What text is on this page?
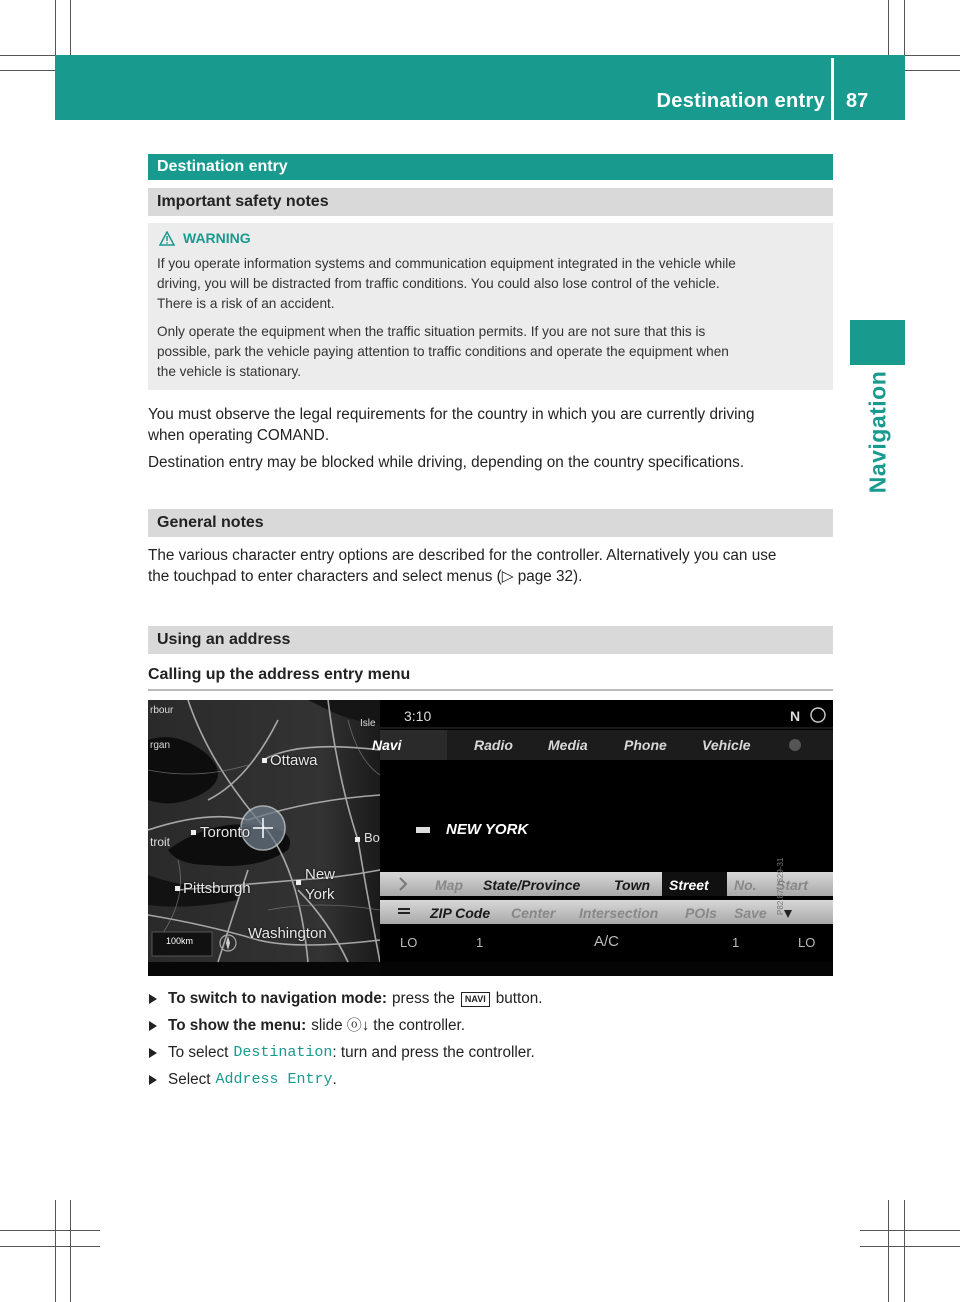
Destination entry 87
Navigation
Destination entry
Important safety notes
WARNING
If you operate information systems and communication equipment integrated in the vehicle while
driving, you will be distracted from traffic conditions. You could also lose control of the vehicle.
There is a risk of an accident.
Only operate the equipment when the traffic situation permits. If you are not sure that this is
possible, park the vehicle paying attention to traffic conditions and operate the equipment when
the vehicle is stationary.
You must observe the legal requirements for the country in which you are currently driving
when operating COMAND.
Destination entry may be blocked while driving, depending on the country specifications.
General notes
The various character entry options are described for the controller. Alternatively you can use
the touchpad to enter characters and select menus (▷ page 32).
Using an address
Calling up the address entry menu
rbour
rgan
troit	Bo
Isle
Ottawa
Toronto
Pittsburgh
New
York
Washington
100km
3:10	N
Navi	Radio	Media	Phone	Vehicle
NEW YORK
Map State/Province Town Street No. Start
ZIP Code Center Intersection POIs Save
LO	1	A/C	1	LO
P82.87-1629-31
To switch to navigation mode: press the	NAVI button.
To show the menu: slide ⓞ↓ the controller.
To select Destination : turn and press the controller.
Select Address Entry .
